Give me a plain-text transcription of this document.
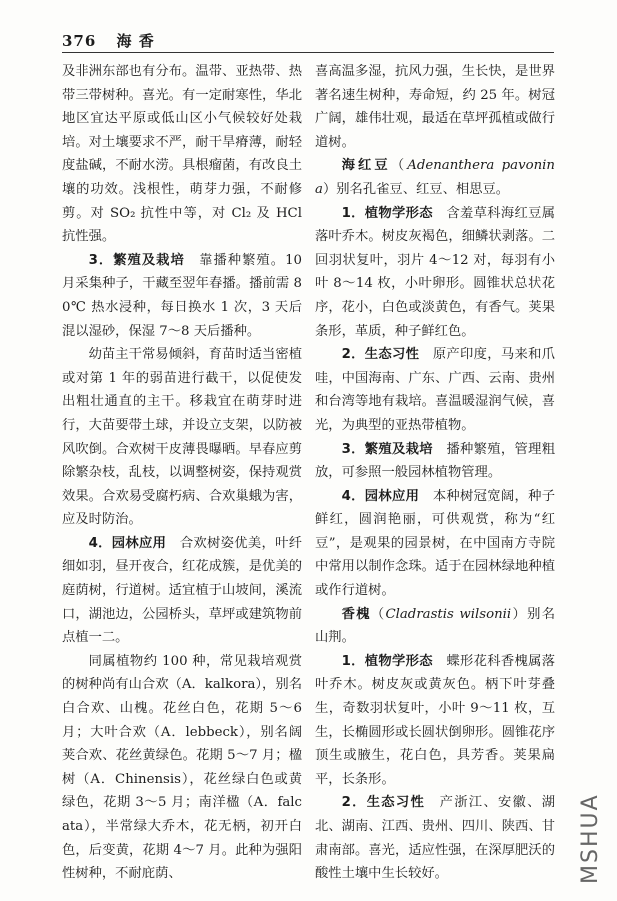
376 海 香

及非洲东部也有分布。温带、亚热带、热带三带树种。喜光。有一定耐寒性，华北地区宜达平原或低山区小气候较好处栽培。对土壤要求不严，耐干旱瘠薄，耐轻度盐碱，不耐水涝。具根瘤菌，有改良土壤的功效。浅根性，萌芽力强，不耐修剪。对 SO₂ 抗性中等，对 Cl₂ 及 HCl 抗性强。

3．繁殖及栽培　 靠播种繁殖。10 月采集种子，干藏至翌年春播。播前需 80℃ 热水浸种，每日换水 1 次，3 天后混以湿砂，保湿 7～8 天后播种。

幼苗主干常易倾斜，育苗时适当密植或对第 1 年的弱苗进行截干，以促使发出粗壮通直的主干。移栽宜在萌芽时进行，大苗要带土球，并设立支架，以防被风吹倒。合欢树干皮薄畏曝晒。早春应剪除繁杂枝，乱枝，以调整树姿，保持观赏效果。合欢易受腐朽病、合欢巢蛾为害，应及时防治。

4．园林应用　 合欢树姿优美，叶纤细如羽，昼开夜合，红花成簇，是优美的庭荫树，行道树。适宜植于山坡间，溪流口，湖池边，公园桥头，草坪或建筑物前点植一二。

同属植物约 100 种，常见栽培观赏的树种尚有山合欢（A．kalkora），别名白合欢、山槐。花丝白色，花期 5～6 月；大叶合欢（A．lebbeck），别名阔荚合欢、花丝黄绿色。花期 5～7 月；楹树（A．Chinensis），花丝绿白色或黄绿色，花期 3～5 月；南洋楹（A．falcata），半常绿大乔木，花无柄，初开白色，后变黄，花期 4～7 月。此种为强阳性树种，不耐庇荫、

喜高温多湿，抗风力强，生长快，是世界著名速生树种，寿命短，约 25 年。树冠广阔，雄伟壮观，最适在草坪孤植或做行道树。

海红豆（Adenanthera pavonina）别名孔雀豆、红豆、相思豆。

1．植物学形态　 含羞草科海红豆属落叶乔木。树皮灰褐色，细鳞状剥落。二回羽状复叶，羽片 4～12 对，每羽有小叶 8～14 枚，小叶卵形。圆锥状总状花序，花小，白色或淡黄色，有香气。荚果条形，革质，种子鲜红色。

2．生态习性　 原产印度，马来和爪哇，中国海南、广东、广西、云南、贵州和台湾等地有栽培。喜温暖湿润气候，喜光，为典型的亚热带植物。

3．繁殖及栽培　 播种繁殖，管理粗放，可参照一般园林植物管理。

4．园林应用　 本种树冠宽阔，种子鲜红，圆润艳丽，可供观赏，称为“红豆”，是观果的园景树，在中国南方寺院中常用以制作念珠。适于在园林绿地种植或作行道树。

香槐（Cladrastis wilsonii）别名山荆。

1．植物学形态　 蝶形花科香槐属落叶乔木。树皮灰或黄灰色。柄下叶芽叠生，奇数羽状复叶，小叶 9～11 枚，互生，长椭圆形或长圆状倒卵形。圆锥花序顶生或腋生，花白色，具芳香。荚果扁平，长条形。

2．生态习性　 产浙江、安徽、湖北、湖南、江西、贵州、四川、陕西、甘肃南部。喜光，适应性强，在深厚肥沃的酸性土壤中生长较好。	MSHUA
